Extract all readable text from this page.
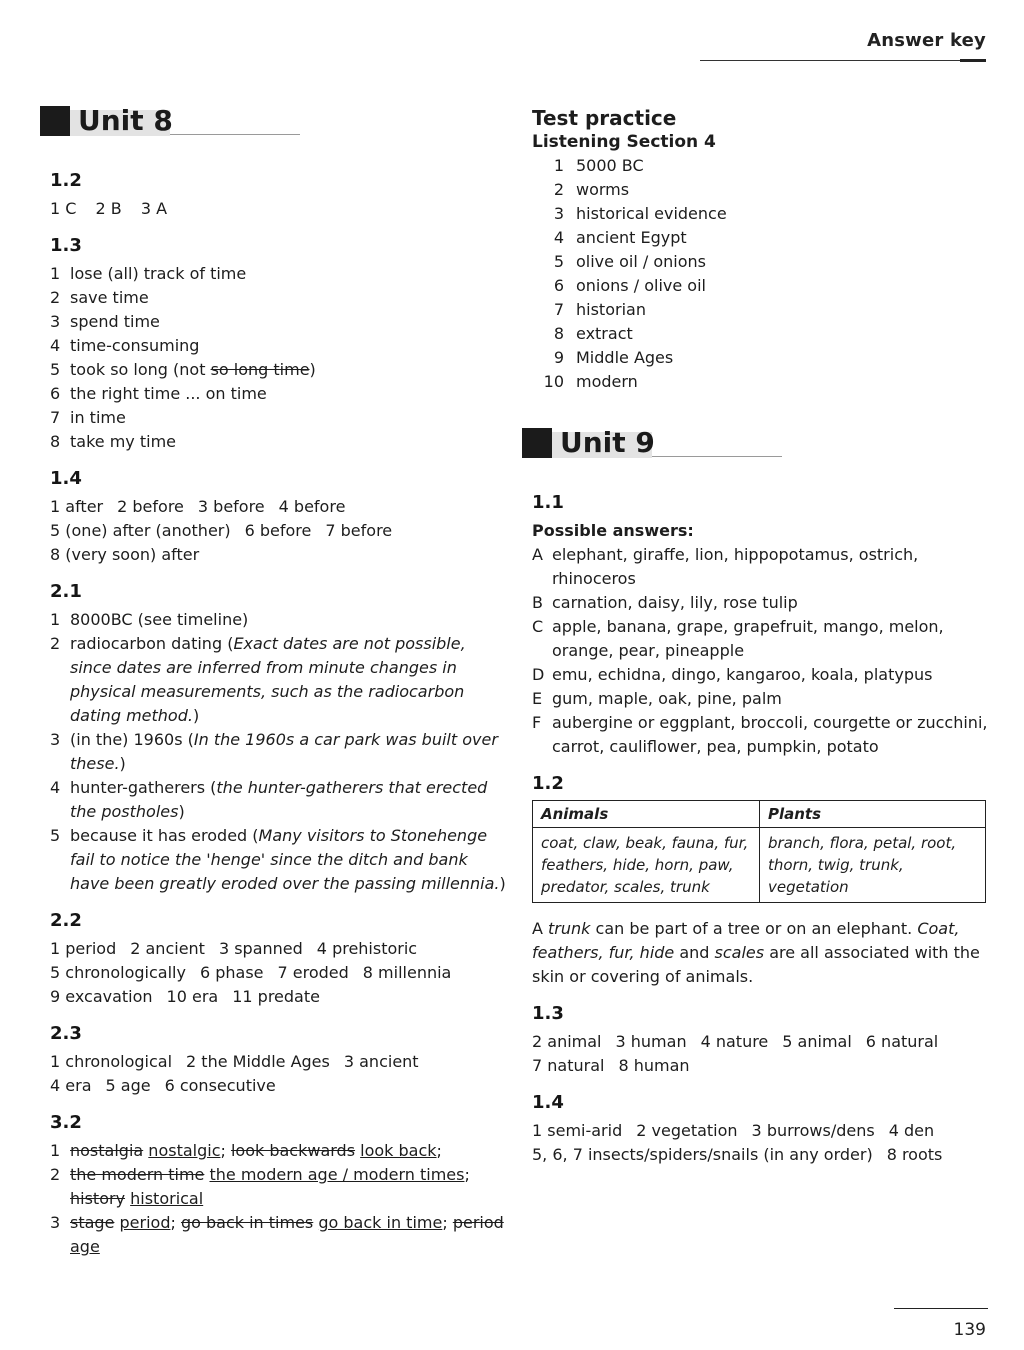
Answer key
Unit 8
1.2
1 C 2 B 3 A
1.3
1 lose (all) track of time
2 save time
3 spend time
4 time-consuming
5 took so long (not so long time)
6 the right time ... on time
7 in time
8 take my time
1.4
1 after 2 before 3 before 4 before
5 (one) after (another) 6 before 7 before
8 (very soon) after
2.1
1 8000BC (see timeline)
2 radiocarbon dating (Exact dates are not possible, since dates are inferred from minute changes in physical measurements, such as the radiocarbon dating method.)
3 (in the) 1960s (In the 1960s a car park was built over these.)
4 hunter-gatherers (the hunter-gatherers that erected the postholes)
5 because it has eroded (Many visitors to Stonehenge fail to notice the 'henge' since the ditch and bank have been greatly eroded over the passing millennia.)
2.2
1 period 2 ancient 3 spanned 4 prehistoric
5 chronologically 6 phase 7 eroded 8 millennia
9 excavation 10 era 11 predate
2.3
1 chronological 2 the Middle Ages 3 ancient
4 era 5 age 6 consecutive
3.2
1 nostalgia nostalgic; look backwards look back;
2 the modern time the modern age / modern times; history historical
3 stage period; go back in times go back in time; period age
Test practice
Listening Section 4
1 5000 BC
2 worms
3 historical evidence
4 ancient Egypt
5 olive oil / onions
6 onions / olive oil
7 historian
8 extract
9 Middle Ages
10 modern
Unit 9
1.1
Possible answers:
A elephant, giraffe, lion, hippopotamus, ostrich, rhinoceros
B carnation, daisy, lily, rose tulip
C apple, banana, grape, grapefruit, mango, melon, orange, pear, pineapple
D emu, echidna, dingo, kangaroo, koala, platypus
E gum, maple, oak, pine, palm
F aubergine or eggplant, broccoli, courgette or zucchini, carrot, cauliflower, pea, pumpkin, potato
1.2
Animals	Plants
coat, claw, beak, fauna, fur, feathers, hide, horn, paw, predator, scales, trunk	branch, flora, petal, root, thorn, twig, trunk, vegetation
A trunk can be part of a tree or on an elephant. Coat, feathers, fur, hide and scales are all associated with the skin or covering of animals.
1.3
2 animal 3 human 4 nature 5 animal 6 natural
7 natural 8 human
1.4
1 semi-arid 2 vegetation 3 burrows/dens 4 den
5, 6, 7 insects/spiders/snails (in any order) 8 roots
139
